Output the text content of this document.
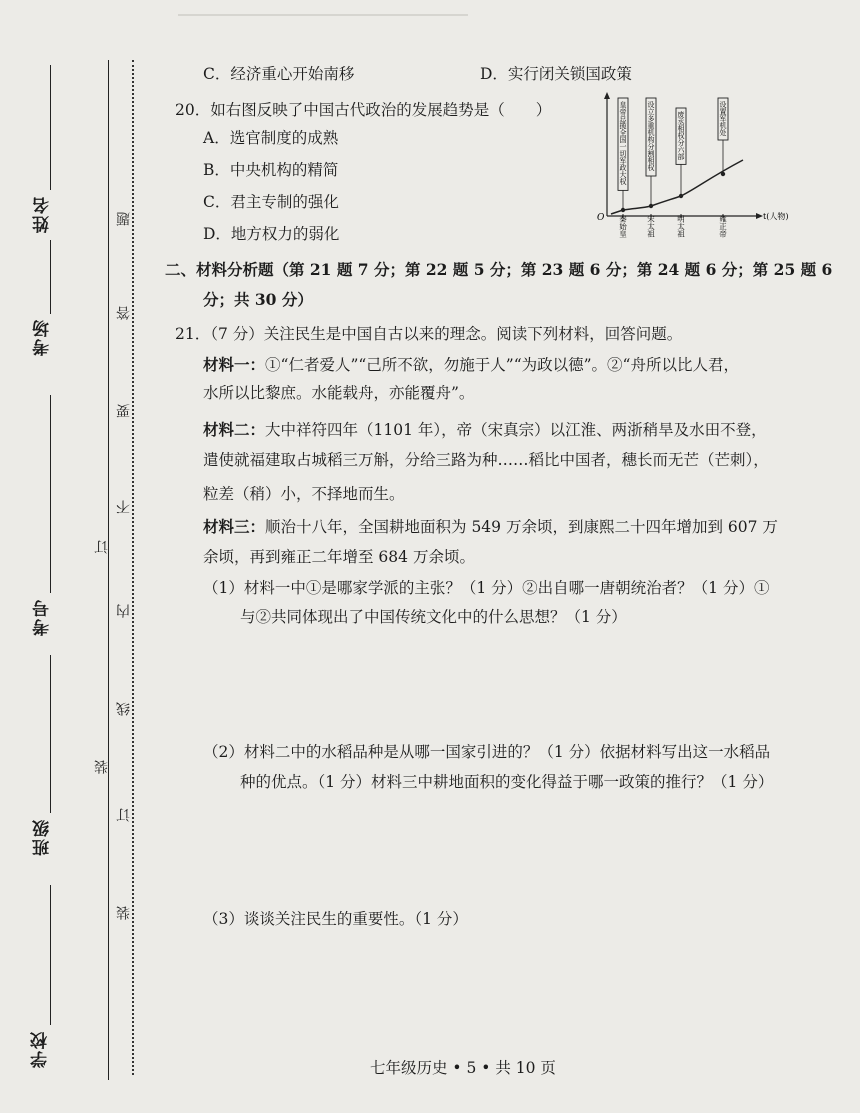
姓名
考场
考号
班级
学校
题
答
要
不
内
线
订
装
订
装
C．经济重心开始南移	D．实行闭关锁国政策
20．如右图反映了中国古代政治的发展趋势是（　　）
A．选官制度的成熟
B．中央机构的精简
C．君主专制的强化
D．地方权力的弱化
O	t(人物)
秦始皇
皇帝总揽全国一切军政大权
宋太祖
设立多重机构分割相权
明太祖
废丞相权分六部
雍正帝
设置军机处
二、材料分析题（第 21 题 7 分；第 22 题 5 分；第 23 题 6 分；第 24 题 6 分；第 25 题 6
分；共 30 分）
21．（7 分）关注民生是中国自古以来的理念。阅读下列材料，回答问题。
材料一：①“仁者爱人”“己所不欲，勿施于人”“为政以德”。②“舟所以比人君，
水所以比黎庶。水能载舟，亦能覆舟”。
材料二：大中祥符四年（1101 年），帝（宋真宗）以江淮、两浙稍旱及水田不登，
遣使就福建取占城稻三万斛，分给三路为种……稻比中国者，穗长而无芒（芒刺），
粒差（稍）小，不择地而生。
材料三：顺治十八年，全国耕地面积为 549 万余顷，到康熙二十四年增加到 607 万
余顷，再到雍正二年增至 684 万余顷。
（1）材料一中①是哪家学派的主张？（1 分）②出自哪一唐朝统治者？（1 分）①
与②共同体现出了中国传统文化中的什么思想？（1 分）
（2）材料二中的水稻品种是从哪一国家引进的？（1 分）依据材料写出这一水稻品
种的优点。（1 分）材料三中耕地面积的变化得益于哪一政策的推行？（1 分）
（3）谈谈关注民生的重要性。（1 分）
七年级历史 • 5 • 共 10 页
